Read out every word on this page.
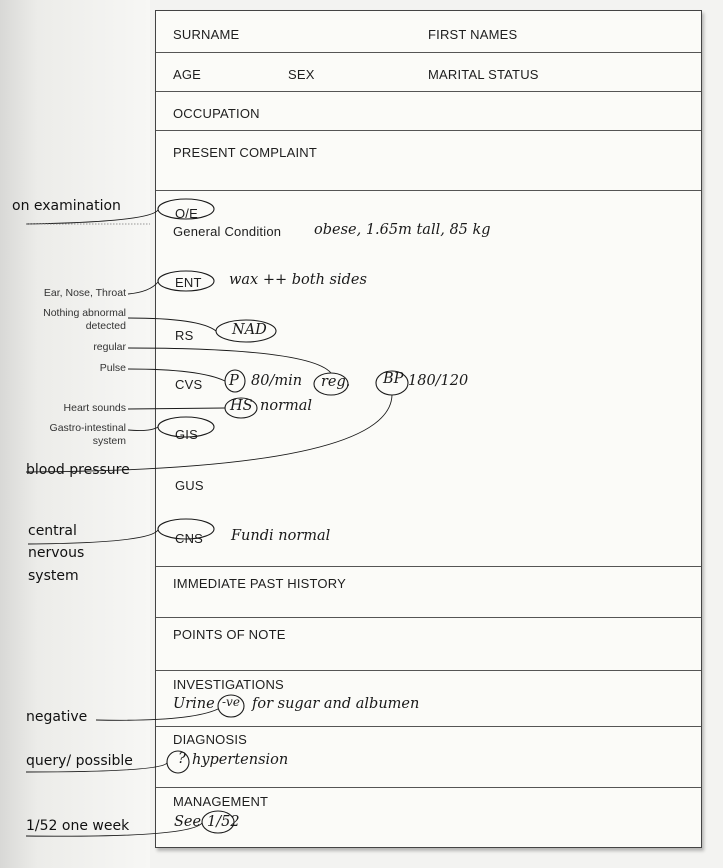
SURNAME	FIRST NAMES
AGE	SEX	MARITAL STATUS
OCCUPATION
PRESENT COMPLAINT
O/E
General Condition obese, 1.65m tall, 85 kg
ENT wax ++ both sides
RS	NAD
CVS P 80/min reg. BP 180/120
HS normal
GIS
GUS
CNS Fundi normal
IMMEDIATE PAST HISTORY
POINTS OF NOTE
INVESTIGATIONS
Urine -ve for sugar and albumen
DIAGNOSIS
? hypertension
MANAGEMENT
See 1/52
on examination
Ear, Nose, Throat
Nothing abnormal
detected
regular
Pulse
Heart sounds
Gastro-intestinal
system
blood pressure
central
nervous
system
negative
query/ possible
1/52 one week
